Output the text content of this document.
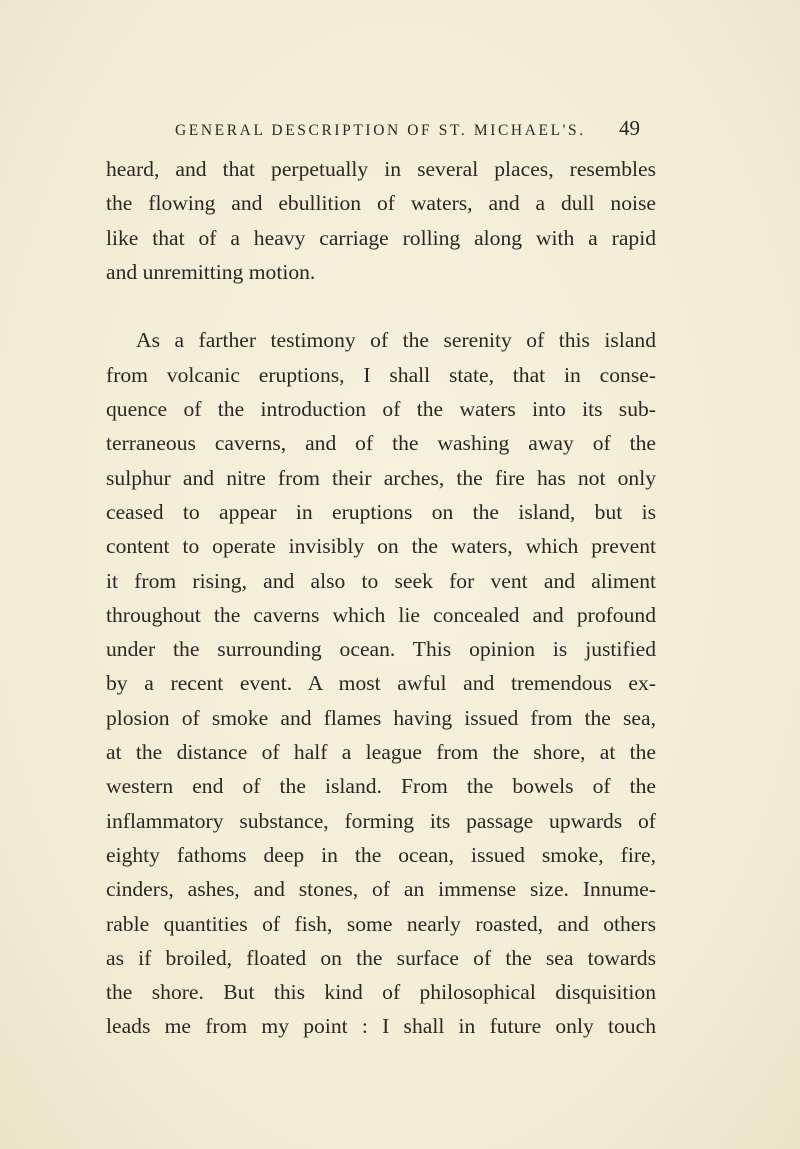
GENERAL DESCRIPTION OF ST. MICHAEL'S. 49
heard, and that perpetually in several places, resembles
the flowing and ebullition of waters, and a dull noise
like that of a heavy carriage rolling along with a rapid
and unremitting motion.
As a farther testimony of the serenity of this island
from volcanic eruptions, I shall state, that in conse-
quence of the introduction of the waters into its sub-
terraneous caverns, and of the washing away of the
sulphur and nitre from their arches, the fire has not only
ceased to appear in eruptions on the island, but is
content to operate invisibly on the waters, which prevent
it from rising, and also to seek for vent and aliment
throughout the caverns which lie concealed and profound
under the surrounding ocean. This opinion is justified
by a recent event. A most awful and tremendous ex-
plosion of smoke and flames having issued from the sea,
at the distance of half a league from the shore, at the
western end of the island. From the bowels of the
inflammatory substance, forming its passage upwards of
eighty fathoms deep in the ocean, issued smoke, fire,
cinders, ashes, and stones, of an immense size. Innume-
rable quantities of fish, some nearly roasted, and others
as if broiled, floated on the surface of the sea towards
the shore. But this kind of philosophical disquisition
leads me from my point : I shall in future only touch
